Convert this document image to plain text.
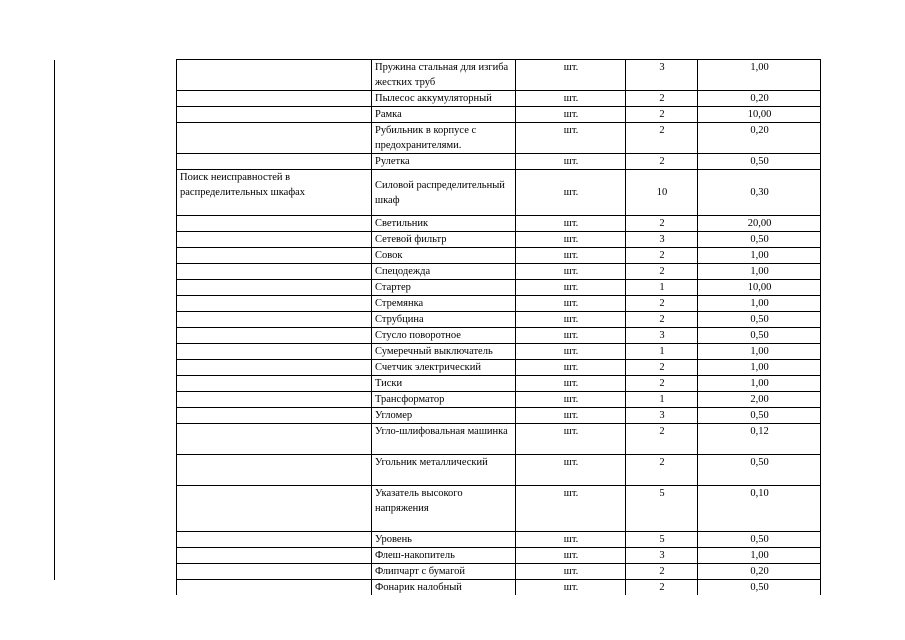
	Пружина стальная для изгиба жестких труб	шт.	3	1,00
	Пылесос аккумуляторный	шт.	2	0,20
	Рамка	шт.	2	10,00
	Рубильник в корпусе с предохранителями.	шт.	2	0,20
	Рулетка	шт.	2	0,50
Поиск неисправностей в распределительных шкафах	Силовой распределительный шкаф	шт.	10	0,30
	Светильник	шт.	2	20,00
	Сетевой фильтр	шт.	3	0,50
	Совок	шт.	2	1,00
	Спецодежда	шт.	2	1,00
	Стартер	шт.	1	10,00
	Стремянка	шт.	2	1,00
	Струбцина	шт.	2	0,50
	Стусло поворотное	шт.	3	0,50
	Сумеречный выключатель	шт.	1	1,00
	Счетчик электрический	шт.	2	1,00
	Тиски	шт.	2	1,00
	Трансформатор	шт.	1	2,00
	Угломер	шт.	3	0,50
	Угло-шлифовальная машинка	шт.	2	0,12
	Угольник металлический	шт.	2	0,50
	Указатель высокого напряжения	шт.	5	0,10
	Уровень	шт.	5	0,50
	Флеш-накопитель	шт.	3	1,00
	Флипчарт с бумагой	шт.	2	0,20
	Фонарик налобный	шт.	2	0,50
